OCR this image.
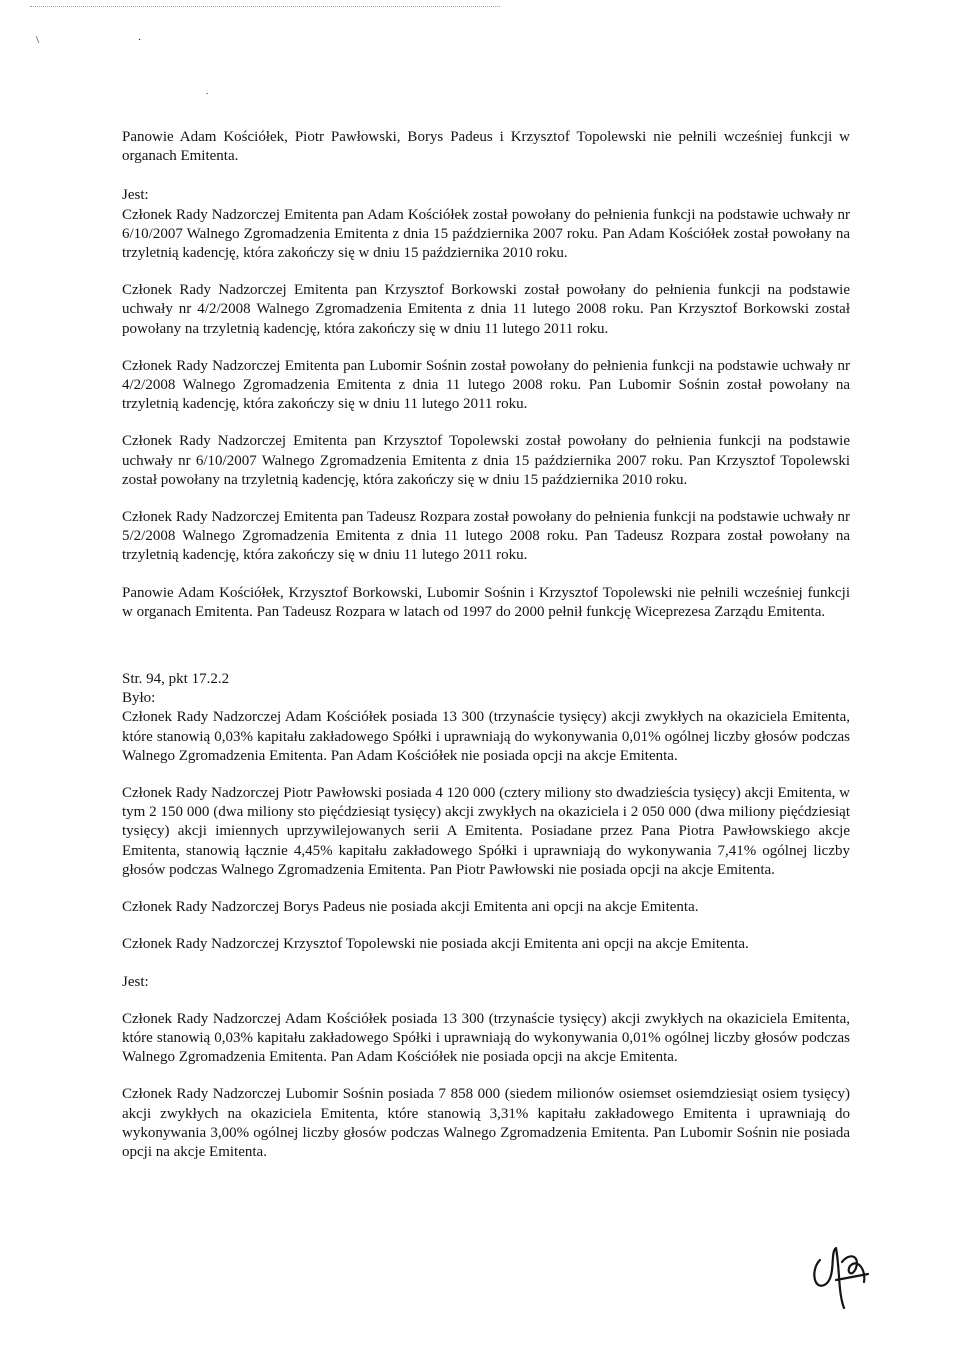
\ ·
.

Panowie Adam Kościółek, Piotr Pawłowski, Borys Padeus i Krzysztof Topolewski nie pełnili wcześniej funkcji w organach Emitenta.

Jest:

Członek Rady Nadzorczej Emitenta pan Adam Kościółek został powołany do pełnienia funkcji na podstawie uchwały nr 6/10/2007 Walnego Zgromadzenia Emitenta z dnia 15 października 2007 roku. Pan Adam Kościółek został powołany na trzyletnią kadencję, która zakończy się w dniu 15 października 2010 roku.

Członek Rady Nadzorczej Emitenta pan Krzysztof Borkowski został powołany do pełnienia funkcji na podstawie uchwały nr 4/2/2008 Walnego Zgromadzenia Emitenta z dnia 11 lutego 2008 roku. Pan Krzysztof Borkowski został powołany na trzyletnią kadencję, która zakończy się w dniu 11 lutego 2011 roku.

Członek Rady Nadzorczej Emitenta pan Lubomir Sośnin został powołany do pełnienia funkcji na podstawie uchwały nr 4/2/2008 Walnego Zgromadzenia Emitenta z dnia 11 lutego 2008 roku. Pan Lubomir Sośnin został powołany na trzyletnią kadencję, która zakończy się w dniu 11 lutego 2011 roku.

Członek Rady Nadzorczej Emitenta pan Krzysztof Topolewski został powołany do pełnienia funkcji na podstawie uchwały nr 6/10/2007 Walnego Zgromadzenia Emitenta z dnia 15 października 2007 roku. Pan Krzysztof Topolewski został powołany na trzyletnią kadencję, która zakończy się w dniu 15 października 2010 roku.

Członek Rady Nadzorczej Emitenta pan Tadeusz Rozpara został powołany do pełnienia funkcji na podstawie uchwały nr 5/2/2008 Walnego Zgromadzenia Emitenta z dnia 11 lutego 2008 roku. Pan Tadeusz Rozpara został powołany na trzyletnią kadencję, która zakończy się w dniu 11 lutego 2011 roku.

Panowie Adam Kościółek, Krzysztof Borkowski, Lubomir Sośnin i Krzysztof Topolewski nie pełnili wcześniej funkcji w organach Emitenta. Pan Tadeusz Rozpara w latach od 1997 do 2000 pełnił funkcję Wiceprezesa Zarządu Emitenta.

Str. 94, pkt 17.2.2

Było:

Członek Rady Nadzorczej Adam Kościółek posiada 13 300 (trzynaście tysięcy) akcji zwykłych na okaziciela Emitenta, które stanowią 0,03% kapitału zakładowego Spółki i uprawniają do wykonywania 0,01% ogólnej liczby głosów podczas Walnego Zgromadzenia Emitenta. Pan Adam Kościółek nie posiada opcji na akcje Emitenta.

Członek Rady Nadzorczej Piotr Pawłowski posiada 4 120 000 (cztery miliony sto dwadzieścia tysięcy) akcji Emitenta, w tym 2 150 000 (dwa miliony sto pięćdziesiąt tysięcy) akcji zwykłych na okaziciela i 2 050 000 (dwa miliony pięćdziesiąt tysięcy) akcji imiennych uprzywilejowanych serii A Emitenta. Posiadane przez Pana Piotra Pawłowskiego akcje Emitenta, stanowią łącznie 4,45% kapitału zakładowego Spółki i uprawniają do wykonywania 7,41% ogólnej liczby głosów podczas Walnego Zgromadzenia Emitenta. Pan Piotr Pawłowski nie posiada opcji na akcje Emitenta.

Członek Rady Nadzorczej Borys Padeus nie posiada akcji Emitenta ani opcji na akcje Emitenta.

Członek Rady Nadzorczej Krzysztof Topolewski nie posiada akcji Emitenta ani opcji na akcje Emitenta.

Jest:

Członek Rady Nadzorczej Adam Kościółek posiada 13 300 (trzynaście tysięcy) akcji zwykłych na okaziciela Emitenta, które stanowią 0,03% kapitału zakładowego Spółki i uprawniają do wykonywania 0,01% ogólnej liczby głosów podczas Walnego Zgromadzenia Emitenta. Pan Adam Kościółek nie posiada opcji na akcje Emitenta.

Członek Rady Nadzorczej Lubomir Sośnin posiada 7 858 000 (siedem milionów osiemset osiemdziesiąt osiem tysięcy) akcji zwykłych na okaziciela Emitenta, które stanowią 3,31% kapitału zakładowego Emitenta i uprawniają do wykonywania 3,00% ogólnej liczby głosów podczas Walnego Zgromadzenia Emitenta. Pan Lubomir Sośnin nie posiada opcji na akcje Emitenta.
